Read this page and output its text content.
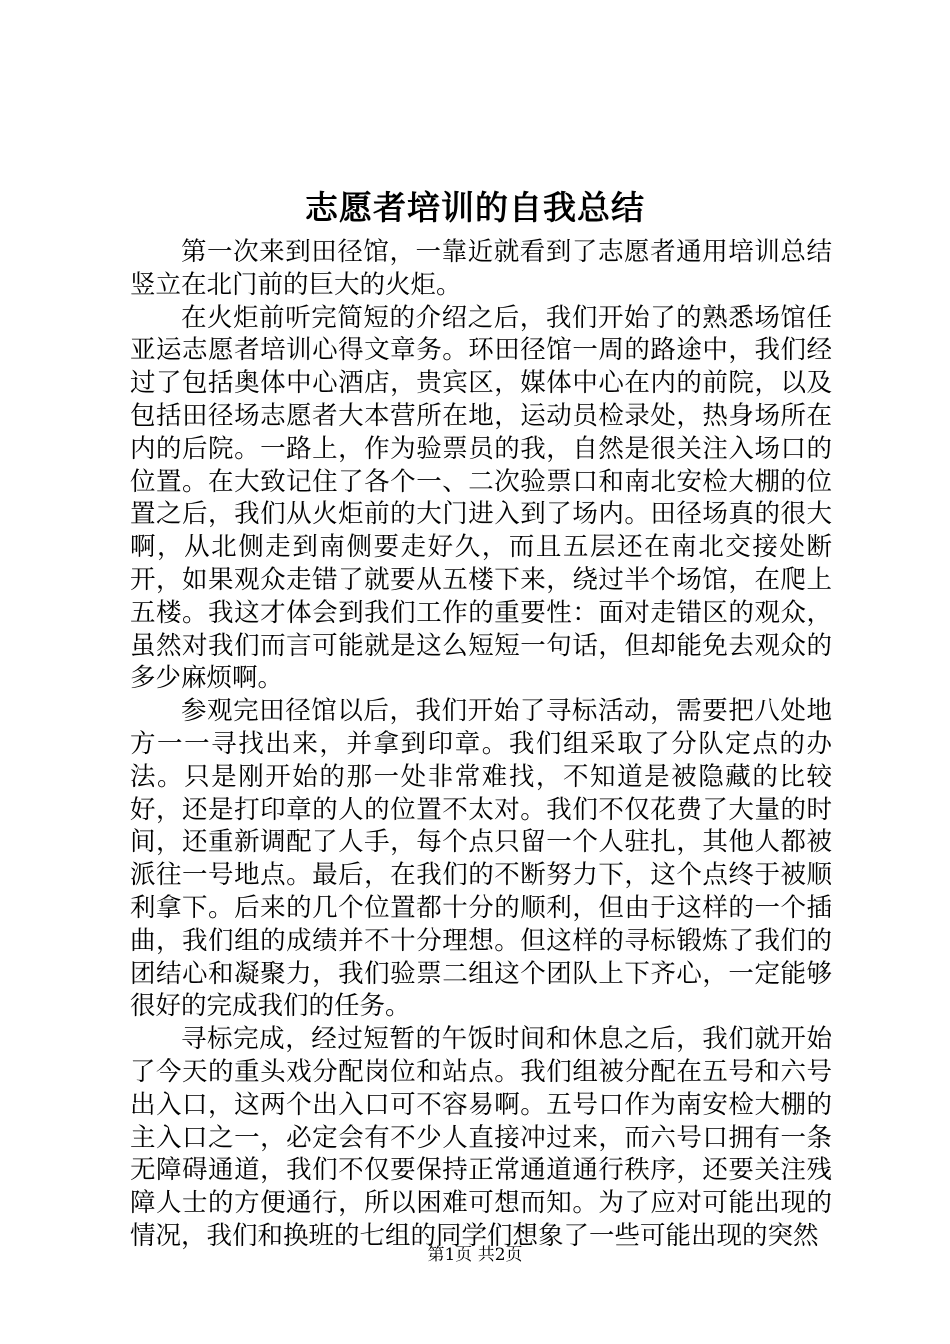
志愿者培训的自我总结

第一次来到田径馆，一靠近就看到了志愿者通用培训总结竖立在北门前的巨大的火炬。

在火炬前听完简短的介绍之后，我们开始了的熟悉场馆任亚运志愿者培训心得文章务。环田径馆一周的路途中，我们经过了包括奥体中心酒店，贵宾区，媒体中心在内的前院，以及包括田径场志愿者大本营所在地，运动员检录处，热身场所在内的后院。一路上，作为验票员的我，自然是很关注入场口的位置。在大致记住了各个一、二次验票口和南北安检大棚的位置之后，我们从火炬前的大门进入到了场内。田径场真的很大啊，从北侧走到南侧要走好久，而且五层还在南北交接处断开，如果观众走错了就要从五楼下来，绕过半个场馆，在爬上五楼。我这才体会到我们工作的重要性：面对走错区的观众，虽然对我们而言可能就是这么短短一句话，但却能免去观众的多少麻烦啊。

参观完田径馆以后，我们开始了寻标活动，需要把八处地方一一寻找出来，并拿到印章。我们组采取了分队定点的办法。只是刚开始的那一处非常难找，不知道是被隐藏的比较好，还是打印章的人的位置不太对。我们不仅花费了大量的时间，还重新调配了人手，每个点只留一个人驻扎，其他人都被派往一号地点。最后，在我们的不断努力下，这个点终于被顺利拿下。后来的几个位置都十分的顺利，但由于这样的一个插曲，我们组的成绩并不十分理想。但这样的寻标锻炼了我们的团结心和凝聚力，我们验票二组这个团队上下齐心，一定能够很好的完成我们的任务。

寻标完成，经过短暂的午饭时间和休息之后，我们就开始了今天的重头戏分配岗位和站点。我们组被分配在五号和六号出入口，这两个出入口可不容易啊。五号口作为南安检大棚的主入口之一，必定会有不少人直接冲过来，而六号口拥有一条无障碍通道，我们不仅要保持正常通道通行秩序，还要关注残障人士的方便通行，所以困难可想而知。为了应对可能出现的情况，我们和换班的七组的同学们想象了一些可能出现的突然

第1页 共2页
